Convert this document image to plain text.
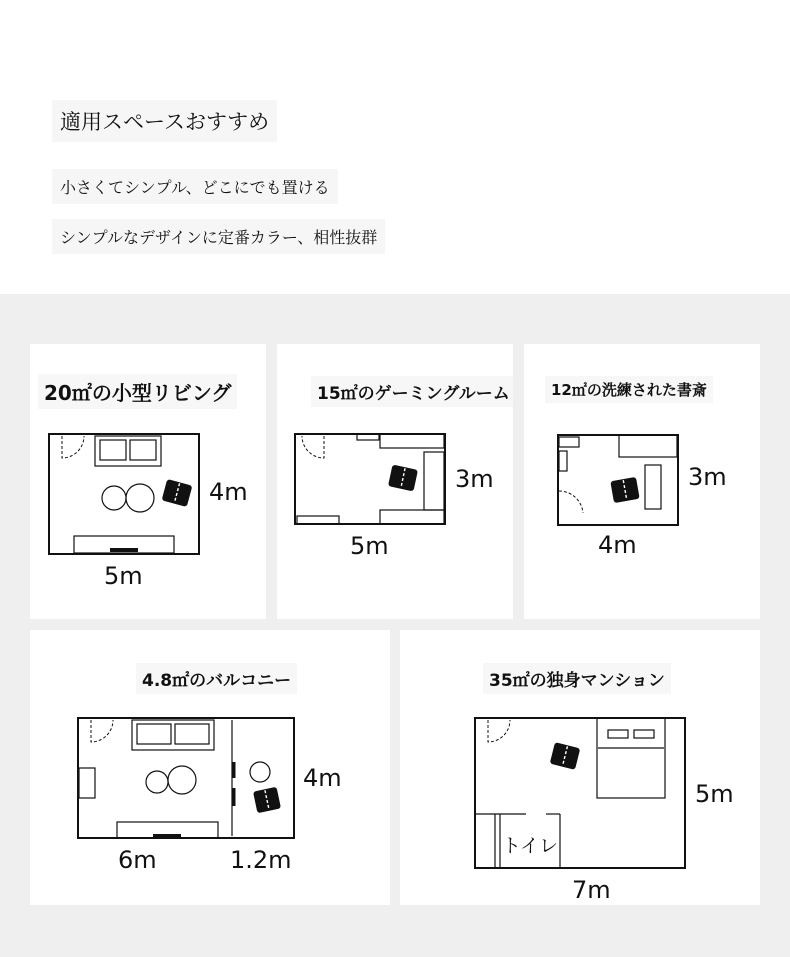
適用スペースおすすめ
小さくてシンプル、どこにでも置ける
シンプルなデザインに定番カラー、相性抜群
20㎡の小型リビング
4m
5m
15㎡のゲーミングルーム
3m
5m
12㎡の洗練された書斎
3m
4m
4.8㎡のバルコニー
4m
6m	1.2m
35㎡の独身マンション
トイレ
5m
7m
